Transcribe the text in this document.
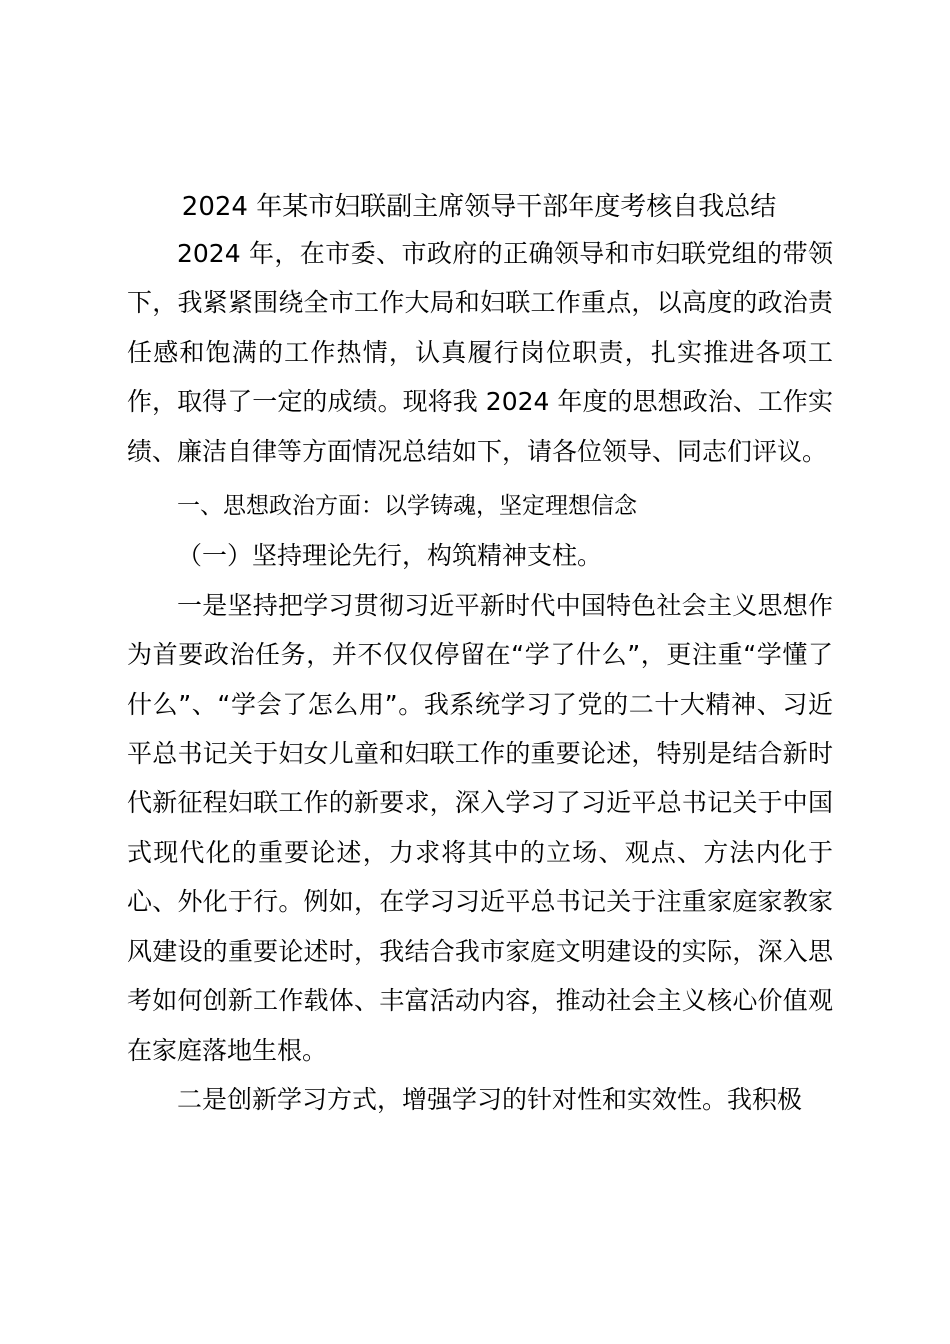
2024 年某市妇联副主席领导干部年度考核自我总结

2024 年，在市委、市政府的正确领导和市妇联党组的带领下，我紧紧围绕全市工作大局和妇联工作重点，以高度的政治责任感和饱满的工作热情，认真履行岗位职责，扎实推进各项工作，取得了一定的成绩。现将我 2024 年度的思想政治、工作实绩、廉洁自律等方面情况总结如下，请各位领导、同志们评议。

一、思想政治方面：以学铸魂，坚定理想信念

（一）坚持理论先行，构筑精神支柱。

一是坚持把学习贯彻习近平新时代中国特色社会主义思想作为首要政治任务，并不仅仅停留在“学了什么”，更注重“学懂了什么”、“学会了怎么用”。我系统学习了党的二十大精神、习近平总书记关于妇女儿童和妇联工作的重要论述，特别是结合新时代新征程妇联工作的新要求，深入学习了习近平总书记关于中国式现代化的重要论述，力求将其中的立场、观点、方法内化于心、外化于行。例如，在学习习近平总书记关于注重家庭家教家风建设的重要论述时，我结合我市家庭文明建设的实际，深入思考如何创新工作载体、丰富活动内容，推动社会主义核心价值观在家庭落地生根。

二是创新学习方式，增强学习的针对性和实效性。我积极
